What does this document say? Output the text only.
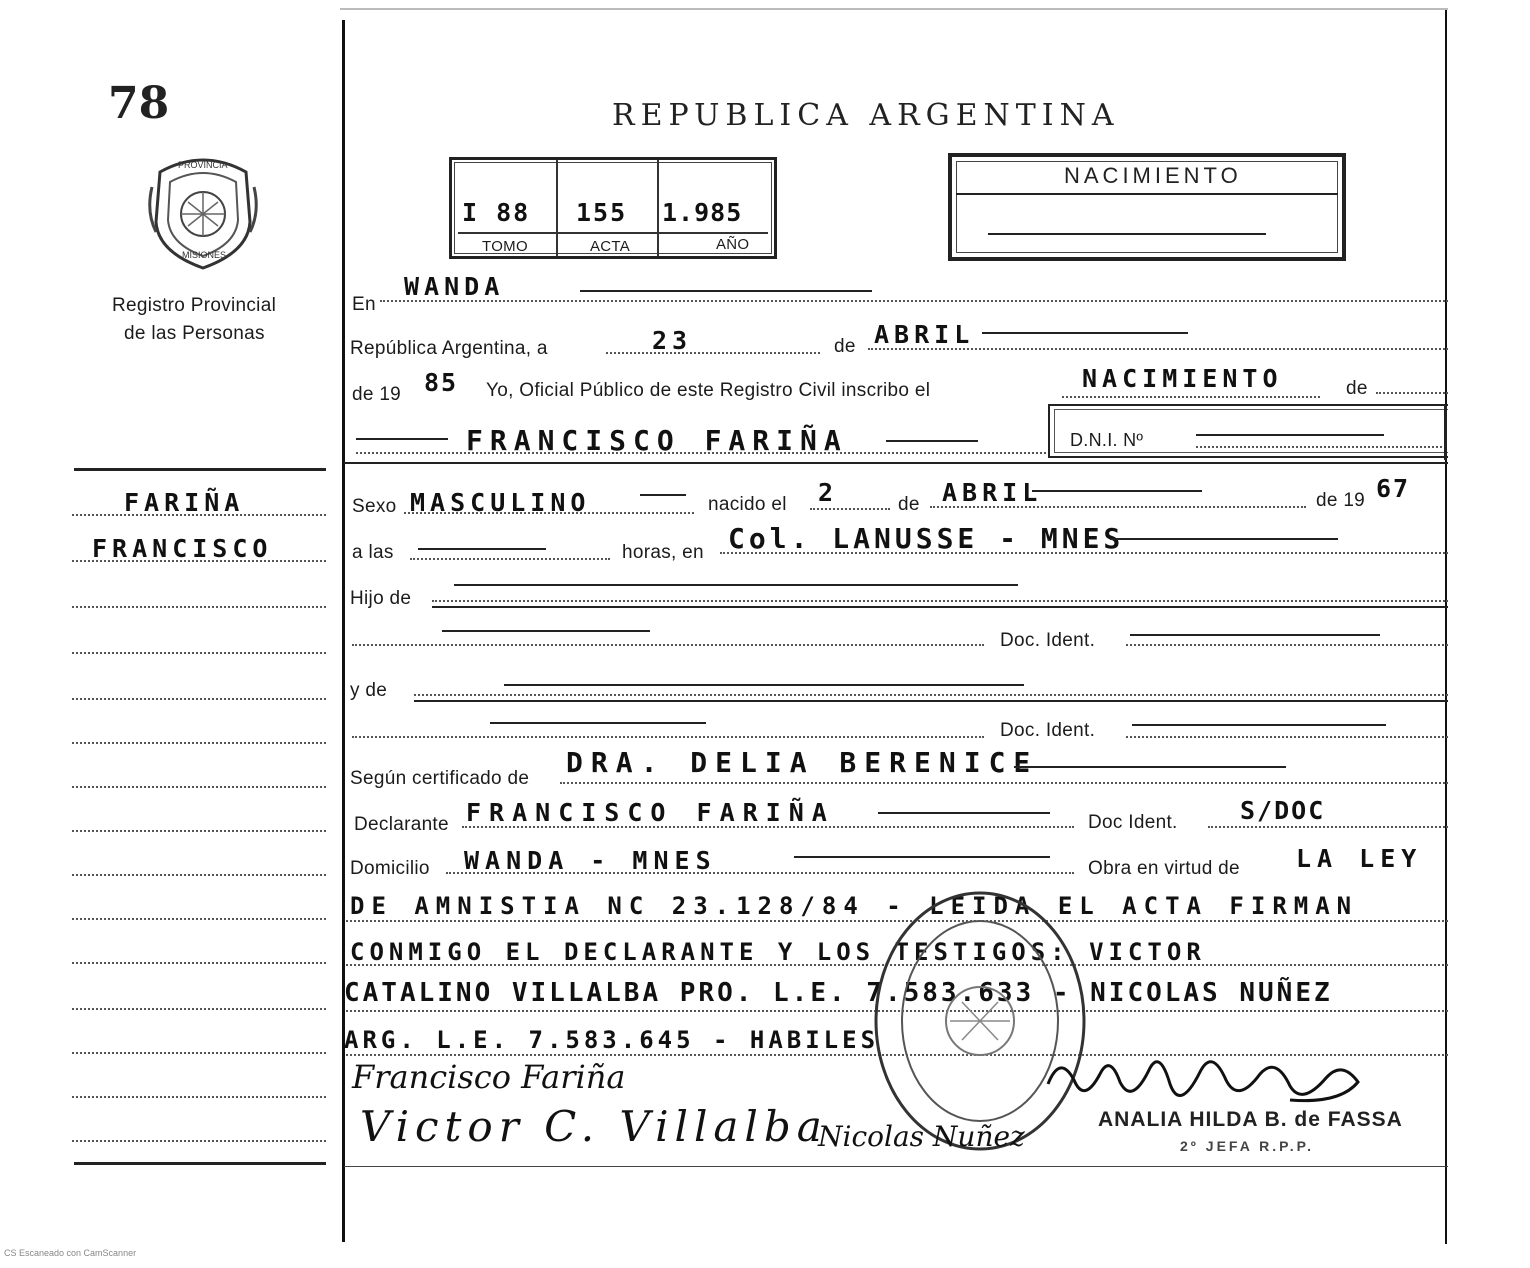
78
PROVINCIA
MISIONES
Registro Provincial
de las Personas
FARIÑA
FRANCISCO
REPUBLICA ARGENTINA
I 88 155 1.985
TOMO	ACTA	AÑO
NACIMIENTO
En
WANDA
República Argentina, a	23	de ABRIL
de 19 85 Yo, Oficial Público de este Registro Civil inscribo el	NACIMIENTO	de
FRANCISCO FARIÑA	D.N.I. Nº
Sexo MASCULINO	nacido el 2	de ABRIL	de 19 67
a las	horas, en Col. LANUSSE - MNES
Hijo de
Doc. Ident.
y de
Doc. Ident.
Según certificado de DRA. DELIA BERENICE
Declarante FRANCISCO FARIÑA	Doc Ident. S/DOC
Domicilio WANDA - MNES	Obra en virtud de LA LEY
DE AMNISTIA NC 23.128/84 - LEIDA EL ACTA FIRMAN
CONMIGO EL DECLARANTE Y LOS TESTIGOS: VICTOR
CATALINO VILLALBA PRO. L.E. 7.583.633 - NICOLAS NUÑEZ
ARG. L.E. 7.583.645 - HABILES
Francisco Fariña
Victor C. Villalba
Nicolas Nuñez
ANALIA HILDA B. de FASSA
2º JEFA R.P.P.
CS Escaneado con CamScanner
